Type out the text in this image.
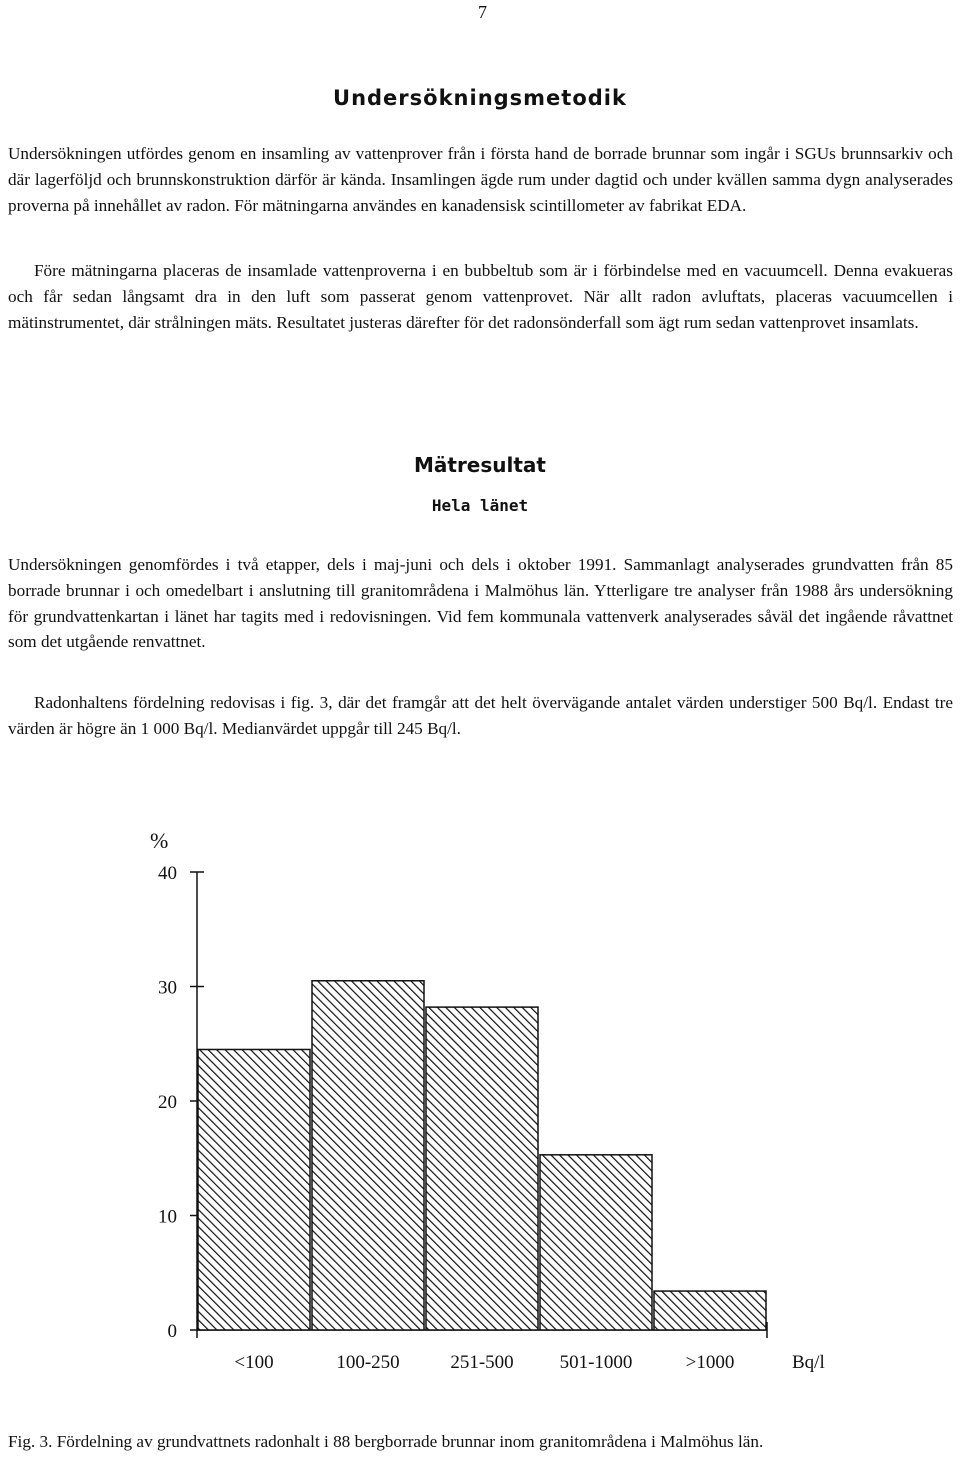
7
Undersökningsmetodik

Undersökningen utfördes genom en insamling av vattenprover från i första hand de borrade brunnar som ingår i SGUs brunnsarkiv och där lagerföljd och brunnskonstruktion därför är kända. Insamlingen ägde rum under dagtid och under kvällen samma dygn analyserades proverna på innehållet av radon. För mätningarna användes en kanadensisk scintillometer av fabrikat EDA.

Före mätningarna placeras de insamlade vattenproverna i en bubbeltub som är i förbindelse med en vacuumcell. Denna evakueras och får sedan långsamt dra in den luft som passerat genom vattenprovet. När allt radon avluftats, placeras vacuumcellen i mätinstrumentet, där strålningen mäts. Resultatet justeras därefter för det radonsönderfall som ägt rum sedan vattenprovet insamlats.

Mätresultat
Hela länet

Undersökningen genomfördes i två etapper, dels i maj-juni och dels i oktober 1991. Sammanlagt analyserades grundvatten från 85 borrade brunnar i och omedelbart i anslutning till granitområdena i Malmöhus län. Ytterligare tre analyser från 1988 års undersökning för grundvattenkartan i länet har tagits med i redovisningen. Vid fem kommunala vattenverk analyserades såväl det ingående råvattnet som det utgående renvattnet.

Radonhaltens fördelning redovisas i fig. 3, där det framgår att det helt övervägande antalet värden understiger 500 Bq/l. Endast tre värden är högre än 1 000 Bq/l. Medianvärdet uppgår till 245 Bq/l.

%
0
10
20
30
40
<100	100-250	251-500 501-1000	>1000	Bq/l

Fig. 3. Fördelning av grundvattnets radonhalt i 88 bergborrade brunnar inom granitområdena i Malmöhus län.
